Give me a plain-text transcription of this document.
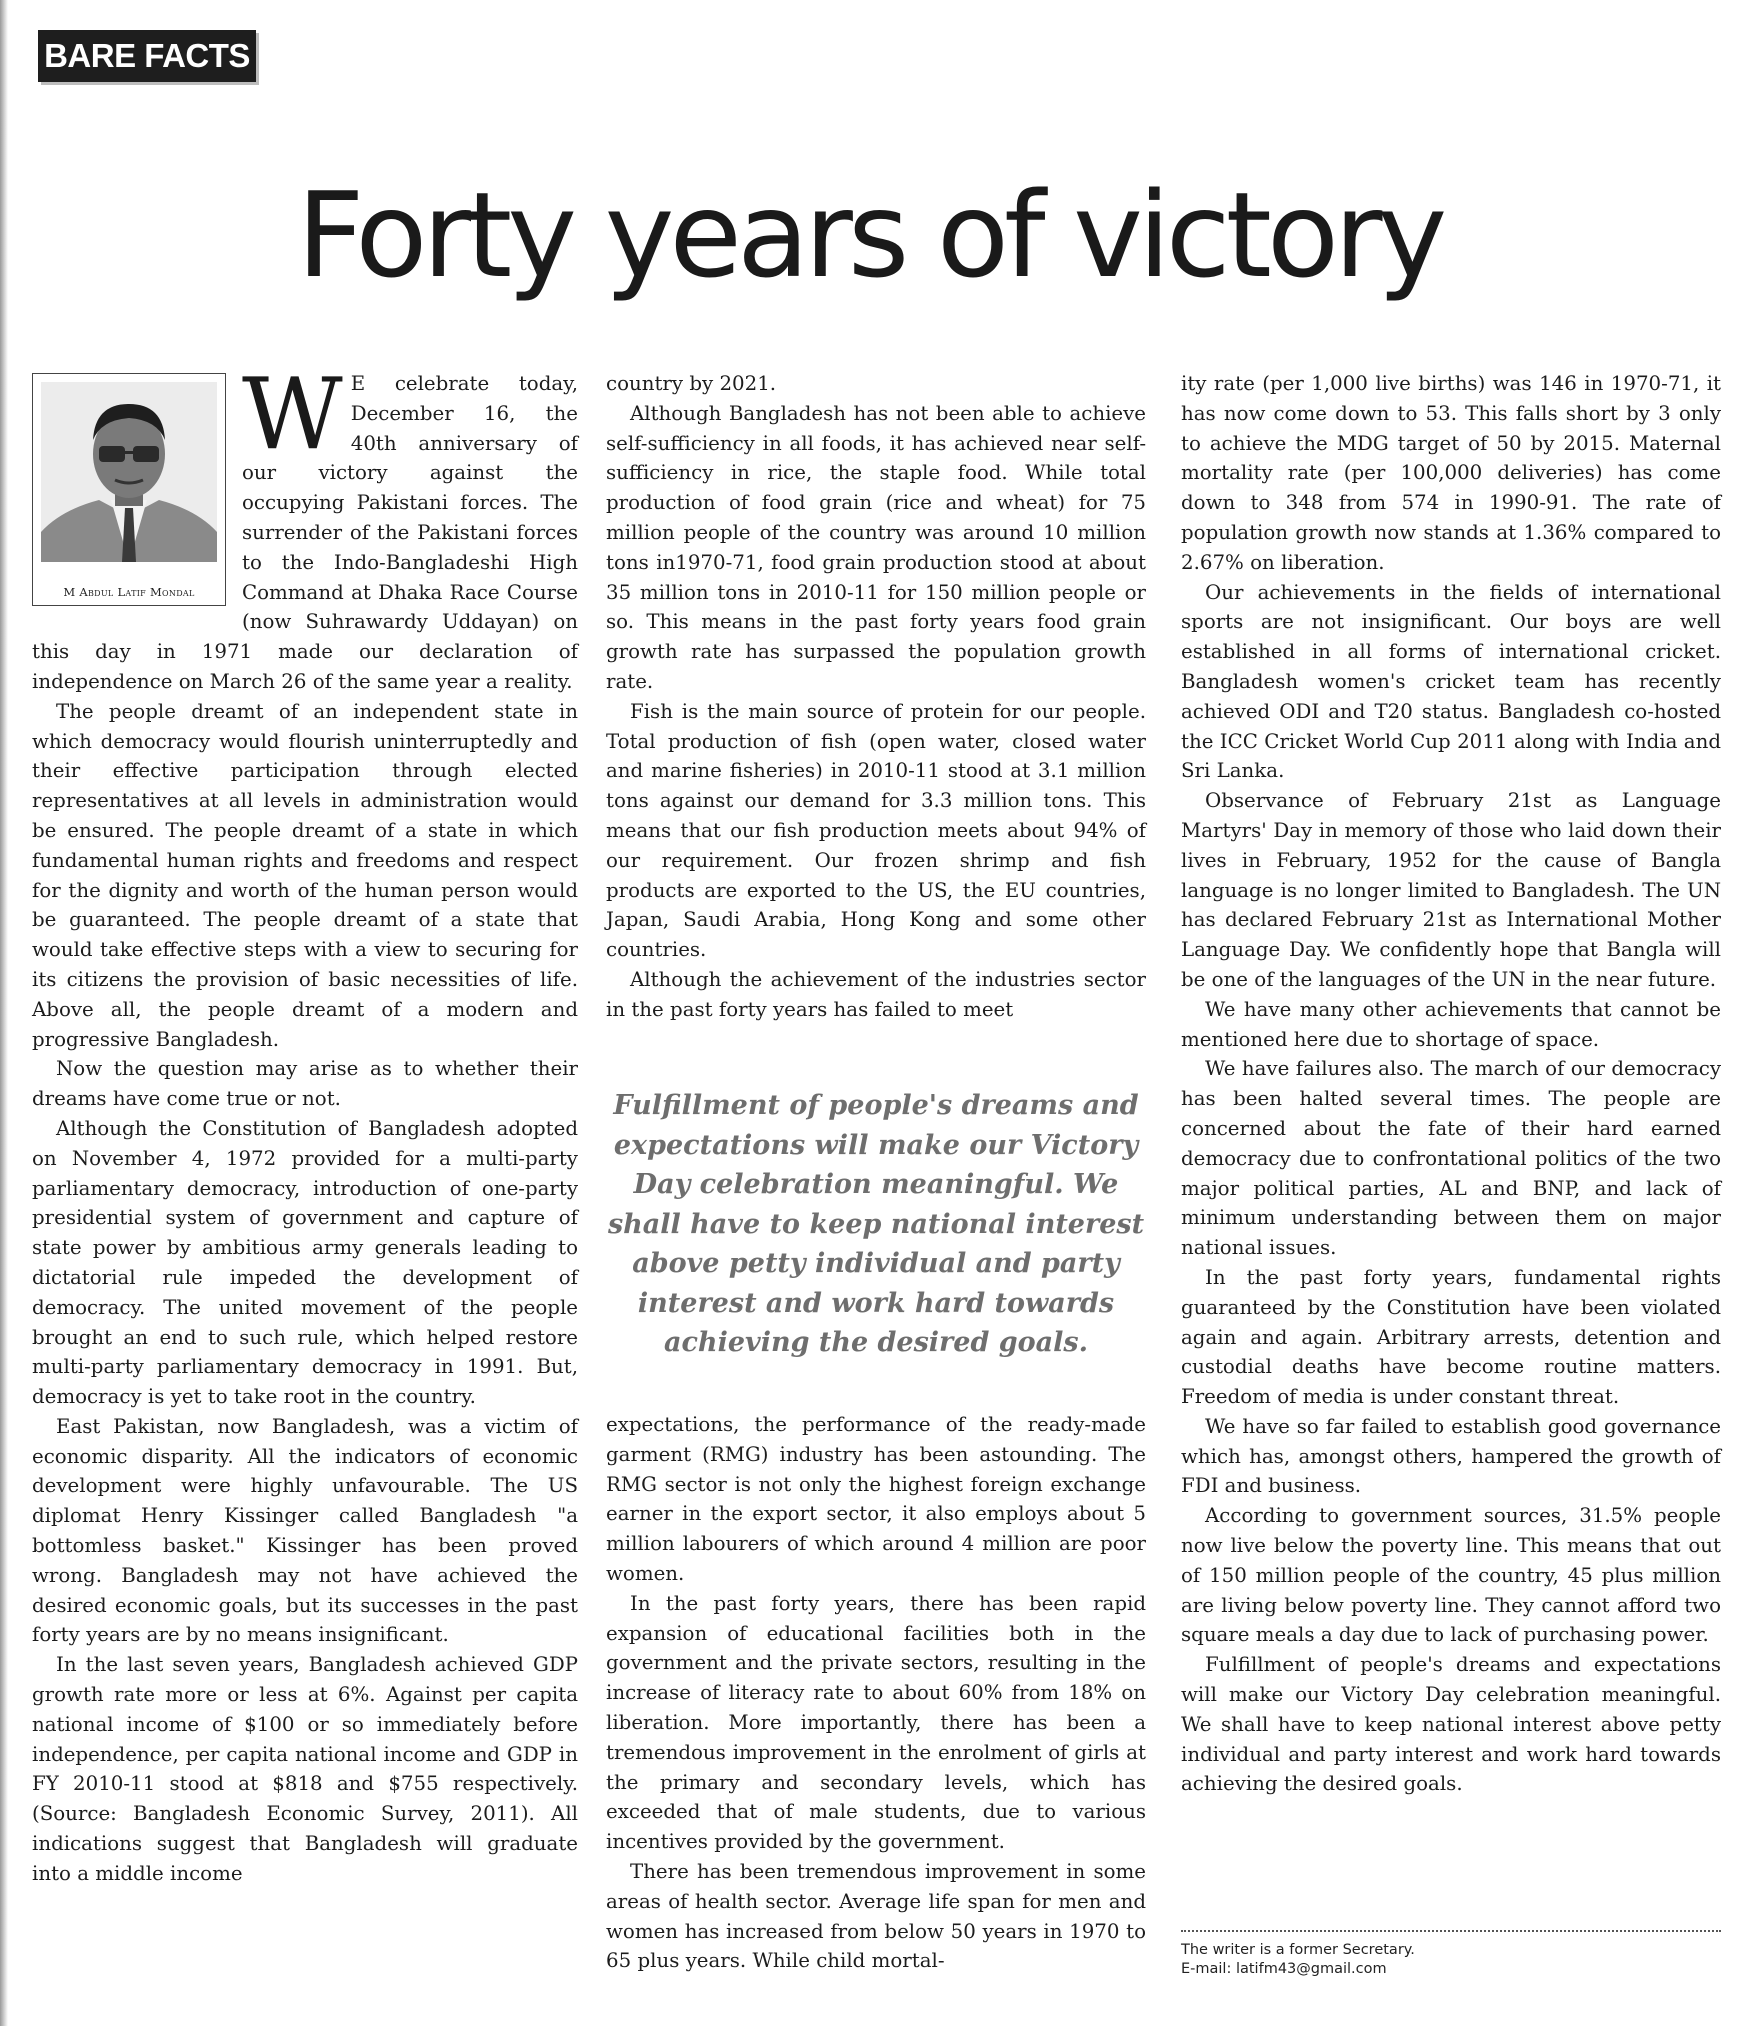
BARE FACTS
Forty years of victory
M Abdul Latif Mondal
W E celebrate today, December 16, the 40th anniversary of our victory against the occupying Pakistani forces. The surrender of the Pakistani forces to the Indo-Bangladeshi High Command at Dhaka Race Course (now Suhrawardy Uddayan) on this day in 1971 made our declaration of independence on March 26 of the same year a reality.

The people dreamt of an independent state in which democracy would flourish uninterruptedly and their effective participation through elected representatives at all levels in administration would be ensured. The people dreamt of a state in which fundamental human rights and freedoms and respect for the dignity and worth of the human person would be guaranteed. The people dreamt of a state that would take effective steps with a view to securing for its citizens the provision of basic necessities of life. Above all, the people dreamt of a modern and progressive Bangladesh.

Now the question may arise as to whether their dreams have come true or not.

Although the Constitution of Bangladesh adopted on November 4, 1972 provided for a multi-party parliamentary democracy, introduction of one-party presidential system of government and capture of state power by ambitious army generals leading to dictatorial rule impeded the development of democracy. The united movement of the people brought an end to such rule, which helped restore multi-party parliamentary democracy in 1991. But, democracy is yet to take root in the country.

East Pakistan, now Bangladesh, was a victim of economic disparity. All the indicators of economic development were highly unfavourable. The US diplomat Henry Kissinger called Bangladesh "a bottomless basket." Kissinger has been proved wrong. Bangladesh may not have achieved the desired economic goals, but its successes in the past forty years are by no means insignificant.

In the last seven years, Bangladesh achieved GDP growth rate more or less at 6%. Against per capita national income of $100 or so immediately before independence, per capita national income and GDP in FY 2010-11 stood at $818 and $755 respectively. (Source: Bangladesh Economic Survey, 2011). All indications suggest that Bangladesh will graduate into a middle income

country by 2021.

Although Bangladesh has not been able to achieve self-sufficiency in all foods, it has achieved near self-sufficiency in rice, the staple food. While total production of food grain (rice and wheat) for 75 million people of the country was around 10 million tons in1970-71, food grain production stood at about 35 million tons in 2010-11 for 150 million people or so. This means in the past forty years food grain growth rate has surpassed the population growth rate.

Fish is the main source of protein for our people. Total production of fish (open water, closed water and marine fisheries) in 2010-11 stood at 3.1 million tons against our demand for 3.3 million tons. This means that our fish production meets about 94% of our requirement. Our frozen shrimp and fish products are exported to the US, the EU countries, Japan, Saudi Arabia, Hong Kong and some other countries.

Although the achievement of the industries sector in the past forty years has failed to meet

Fulfillment of people's dreams and expectations will make our Victory Day celebration meaningful. We shall have to keep national interest above petty individual and party interest and work hard towards achieving the desired goals.

expectations, the performance of the ready-made garment (RMG) industry has been astounding. The RMG sector is not only the highest foreign exchange earner in the export sector, it also employs about 5 million labourers of which around 4 million are poor women.

In the past forty years, there has been rapid expansion of educational facilities both in the government and the private sectors, resulting in the increase of literacy rate to about 60% from 18% on liberation. More importantly, there has been a tremendous improvement in the enrolment of girls at the primary and secondary levels, which has exceeded that of male students, due to various incentives provided by the government.

There has been tremendous improvement in some areas of health sector. Average life span for men and women has increased from below 50 years in 1970 to 65 plus years. While child mortal-

ity rate (per 1,000 live births) was 146 in 1970-71, it has now come down to 53. This falls short by 3 only to achieve the MDG target of 50 by 2015. Maternal mortality rate (per 100,000 deliveries) has come down to 348 from 574 in 1990-91. The rate of population growth now stands at 1.36% compared to 2.67% on liberation.

Our achievements in the fields of international sports are not insignificant. Our boys are well established in all forms of international cricket. Bangladesh women's cricket team has recently achieved ODI and T20 status. Bangladesh co-hosted the ICC Cricket World Cup 2011 along with India and Sri Lanka.

Observance of February 21st as Language Martyrs' Day in memory of those who laid down their lives in February, 1952 for the cause of Bangla language is no longer limited to Bangladesh. The UN has declared February 21st as International Mother Language Day. We confidently hope that Bangla will be one of the languages of the UN in the near future.

We have many other achievements that cannot be mentioned here due to shortage of space.

We have failures also. The march of our democracy has been halted several times. The people are concerned about the fate of their hard earned democracy due to confrontational politics of the two major political parties, AL and BNP, and lack of minimum understanding between them on major national issues.

In the past forty years, fundamental rights guaranteed by the Constitution have been violated again and again. Arbitrary arrests, detention and custodial deaths have become routine matters. Freedom of media is under constant threat.

We have so far failed to establish good governance which has, amongst others, hampered the growth of FDI and business.

According to government sources, 31.5% people now live below the poverty line. This means that out of 150 million people of the country, 45 plus million are living below poverty line. They cannot afford two square meals a day due to lack of purchasing power.

Fulfillment of people's dreams and expectations will make our Victory Day celebration meaningful. We shall have to keep national interest above petty individual and party interest and work hard towards achieving the desired goals.

The writer is a former Secretary.
E-mail: latifm43@gmail.com
